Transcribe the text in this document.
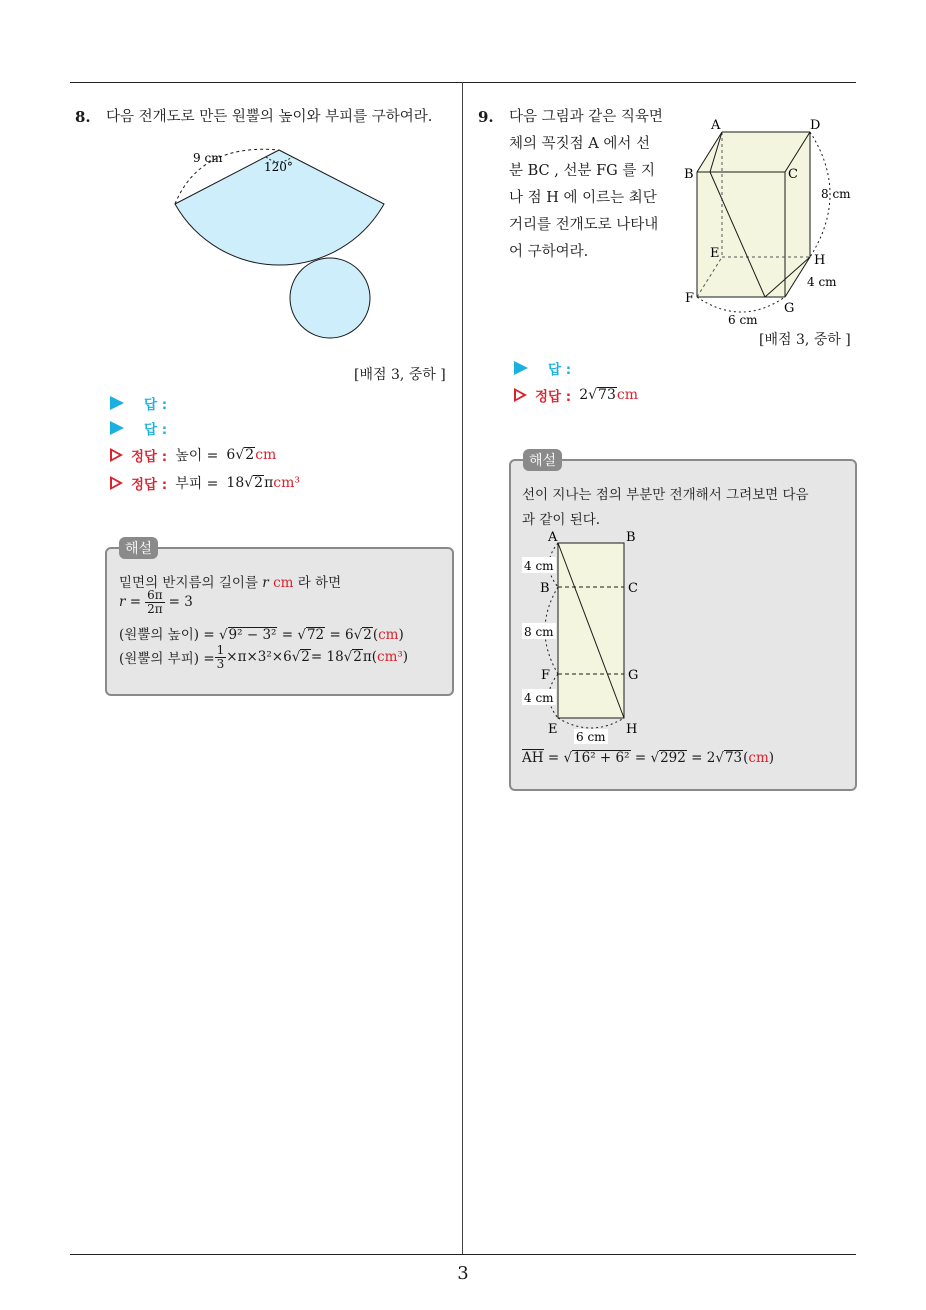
8. 다음 전개도로 만든 원뿔의 높이와 부피를 구하여라.
9 cm
120°
[배점 3, 중하 ]
답 :
답 :
정답 : 높이 = 6√2cm
정답 : 부피 = 18√2πcm³
해설
밑면의 반지름의 길이를 r cm 라 하면
$r = \frac{6\pi}{2\pi} = 3$
(원뿔의 높이) = √9² − 3² = √72 = 6√2(cm)
(원뿔의 부피) = $\frac{1}{3} \times\pi\times 3^2\times 6$ √ 2 = 18 √ 2 π( cm³ )
9. 다음 그림과 같은 직육면
체의 꼭짓점 A 에서 선
분 BC , 선분 FG 를 지
나 점 H 에 이르는 최단
거리를 전개도로 나타내
어 구하여라.
A	D
B	C
E	H
F
G
8 cm
4 cm
6 cm
[배점 3, 중하 ]
답 :
정답 : 2√73cm
해설
선이 지나는 점의 부분만 전개해서 그려보면 다음
과 같이 된다.
A	B
B	C
F	G
E	H
4 cm
8 cm
4 cm
6 cm
AH = √16² + 6² = √292 = 2√73(cm)
3
